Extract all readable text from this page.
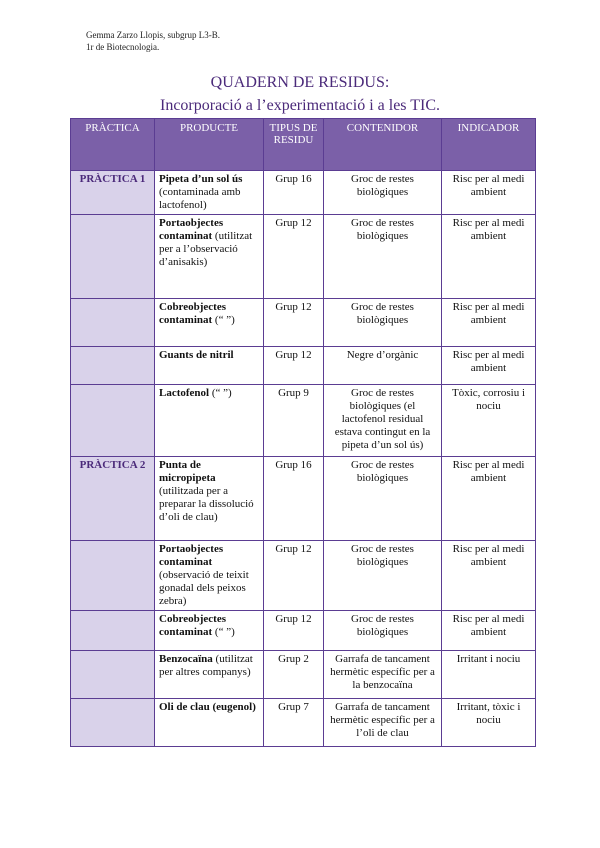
Gemma Zarzo Llopis, subgrup L3-B.
1r de Biotecnologia.
QUADERN DE RESIDUS:
Incorporació a l’experimentació i a les TIC.
PRÀCTICA	PRODUCTE	TIPUS DE RESIDU	CONTENIDOR	INDICADOR
PRÀCTICA 1	Pipeta d’un sol ús (contaminada amb lactofenol)	Grup 16	Groc de restes biològiques	Risc per al medi ambient
	Portaobjectes contaminat (utilitzat per a l’observació d’anisakis)	Grup 12	Groc de restes biològiques	Risc per al medi ambient
	Cobreobjectes contaminat (“ ”)	Grup 12	Groc de restes biològiques	Risc per al medi ambient
	Guants de nitril	Grup 12	Negre d’orgànic	Risc per al medi ambient
	Lactofenol (“ ”)	Grup 9	Groc de restes biològiques (el lactofenol residual estava contingut en la pipeta d’un sol ús)	Tòxic, corrosiu i nociu
PRÀCTICA 2	Punta de micropipeta (utilitzada per a preparar la dissolució d’oli de clau)	Grup 16	Groc de restes biològiques	Risc per al medi ambient
	Portaobjectes contaminat (observació de teixit gonadal dels peixos zebra)	Grup 12	Groc de restes biològiques	Risc per al medi ambient
	Cobreobjectes contaminat (“ ”)	Grup 12	Groc de restes biològiques	Risc per al medi ambient
	Benzocaïna (utilitzat per altres companys)	Grup 2	Garrafa de tancament hermètic específic per a la benzocaïna	Irritant i nociu
	Oli de clau (eugenol)	Grup 7	Garrafa de tancament hermètic específic per a l’oli de clau	Irritant, tòxic i nociu
